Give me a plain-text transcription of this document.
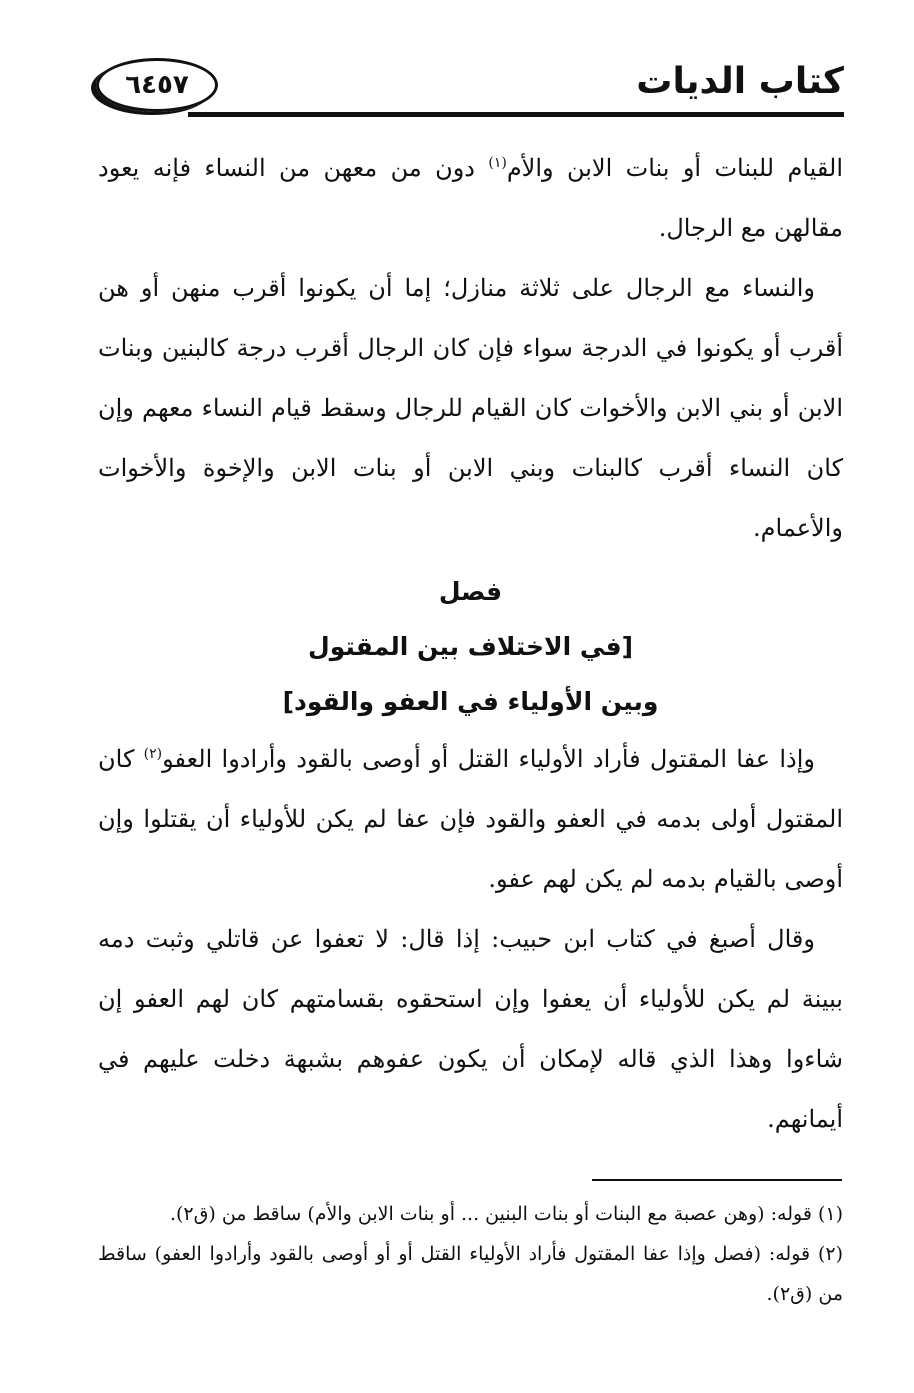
كتاب الديات
٦٤٥٧

القيام للبنات أو بنات الابن والأم$^{(١)}$ دون من معهن من النساء فإنه يعود مقالهن مع الرجال.

والنساء مع الرجال على ثلاثة منازل؛ إما أن يكونوا أقرب منهن أو هن أقرب أو يكونوا في الدرجة سواء فإن كان الرجال أقرب درجة كالبنين وبنات الابن أو بني الابن والأخوات كان القيام للرجال وسقط قيام النساء معهم وإن كان النساء أقرب كالبنات وبني الابن أو بنات الابن والإخوة والأخوات والأعمام.

فصل

[في الاختلاف بين المقتول

وبين الأولياء في العفو والقود]

وإذا عفا المقتول فأراد الأولياء القتل أو أوصى بالقود وأرادوا العفو$^{(٢)}$ كان المقتول أولى بدمه في العفو والقود فإن عفا لم يكن للأولياء أن يقتلوا وإن أوصى بالقيام بدمه لم يكن لهم عفو.

وقال أصبغ في كتاب ابن حبيب: إذا قال: لا تعفوا عن قاتلي وثبت دمه ببينة لم يكن للأولياء أن يعفوا وإن استحقوه بقسامتهم كان لهم العفو إن شاءوا وهذا الذي قاله لإمكان أن يكون عفوهم بشبهة دخلت عليهم في أيمانهم.

(١) قوله: (وهن عصبة مع البنات أو بنات البنين ... أو بنات الابن والأم) ساقط من (ق٢).

(٢) قوله: (فصل وإذا عفا المقتول فأراد الأولياء القتل أو أو أوصى بالقود وأرادوا العفو) ساقط من (ق٢).
